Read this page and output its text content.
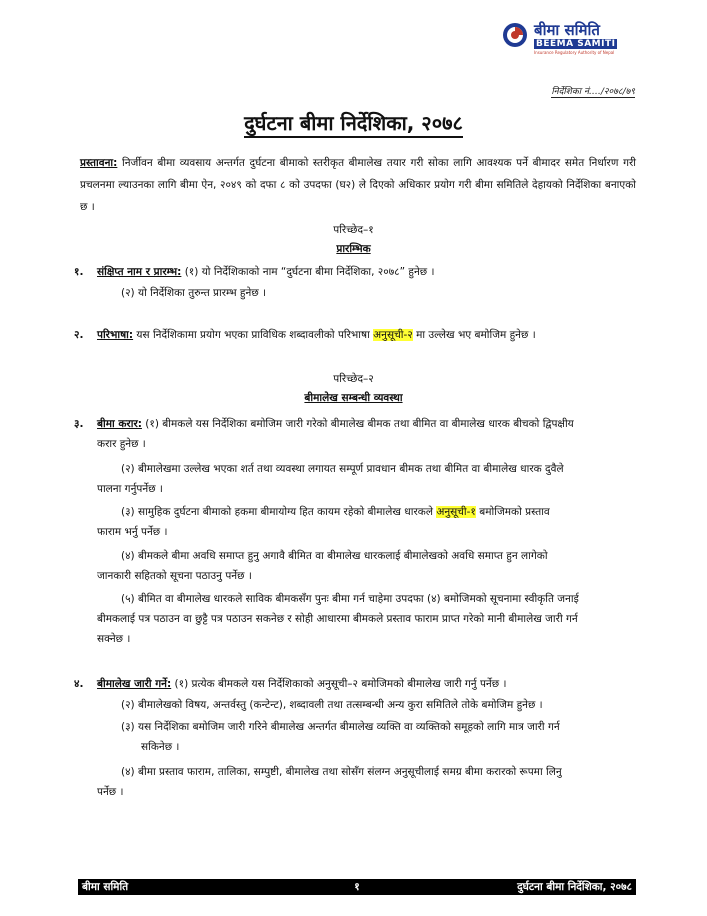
बीमा समिति
BEEMA SAMITI
Insurance Regulatory Authority of Nepal
निर्देशिका नं.…/२०७८/७९
दुर्घटना बीमा निर्देशिका, २०७८
प्रस्तावना: निर्जीवन बीमा व्यवसाय अन्तर्गत दुर्घटना बीमाको स्तरीकृत बीमालेख तयार गरी सोका लागि आवश्यक पर्ने बीमादर समेत निर्धारण गरी प्रचलनमा ल्याउनका लागि बीमा ऐन, २०४९ को दफा ८ को उपदफा (घ२) ले दिएको अधिकार प्रयोग गरी बीमा समितिले देहायको निर्देशिका बनाएको छ ।
परिच्छेद–१
प्रारम्भिक
१. संक्षिप्त नाम र प्रारम्भ: (१) यो निर्देशिकाको नाम “दुर्घटना बीमा निर्देशिका, २०७८” हुनेछ ।
(२) यो निर्देशिका तुरुन्त प्रारम्भ हुनेछ ।
२. परिभाषा: यस निर्देशिकामा प्रयोग भएका प्राविधिक शब्दावलीको परिभाषा अनुसूची-२ मा उल्लेख भए बमोजिम हुनेछ ।
परिच्छेद–२
बीमालेख सम्बन्धी व्यवस्था
३. बीमा करार: (१) बीमकले यस निर्देशिका बमोजिम जारी गरेको बीमालेख बीमक तथा बीमित वा बीमालेख धारक बीचको द्विपक्षीय
करार हुनेछ ।
(२) बीमालेखमा उल्लेख भएका शर्त तथा व्यवस्था लगायत सम्पूर्ण प्रावधान बीमक तथा बीमित वा बीमालेख धारक दुवैले
पालना गर्नुपर्नेछ ।
(३) सामुहिक दुर्घटना बीमाको हकमा बीमायोग्य हित कायम रहेको बीमालेख धारकले अनुसूची-१ बमोजिमको प्रस्ताव
फाराम भर्नु पर्नेछ ।
(४) बीमकले बीमा अवधि समाप्त हुनु अगावै बीमित वा बीमालेख धारकलाई बीमालेखको अवधि समाप्त हुन लागेको
जानकारी सहितको सूचना पठाउनु पर्नेछ ।
(५) बीमित वा बीमालेख धारकले साविक बीमकसँग पुनः बीमा गर्न चाहेमा उपदफा (४) बमोजिमको सूचनामा स्वीकृति जनाई
बीमकलाई पत्र पठाउन वा छुट्टै पत्र पठाउन सकनेछ र सोही आधारमा बीमकले प्रस्ताव फाराम प्राप्त गरेको मानी बीमालेख जारी गर्न
सक्नेछ ।
४. बीमालेख जारी गर्ने: (१) प्रत्येक बीमकले यस निर्देशिकाको अनुसूची–२ बमोजिमको बीमालेख जारी गर्नु पर्नेछ ।
(२) बीमालेखको विषय, अन्तर्वस्तु (कन्टेन्ट), शब्दावली तथा तत्सम्बन्धी अन्य कुरा समितिले तोके बमोजिम हुनेछ ।
(३) यस निर्देशिका बमोजिम जारी गरिने बीमालेख अन्तर्गत बीमालेख व्यक्ति वा व्यक्तिको समूहको लागि मात्र जारी गर्न
सकिनेछ ।
(४) बीमा प्रस्ताव फाराम, तालिका, सम्पुष्टी, बीमालेख तथा सोसँग संलग्न अनुसूचीलाई समग्र बीमा करारको रूपमा लिनु
पर्नेछ ।
बीमा समिति	१	दुर्घटना बीमा निर्देशिका, २०७८
